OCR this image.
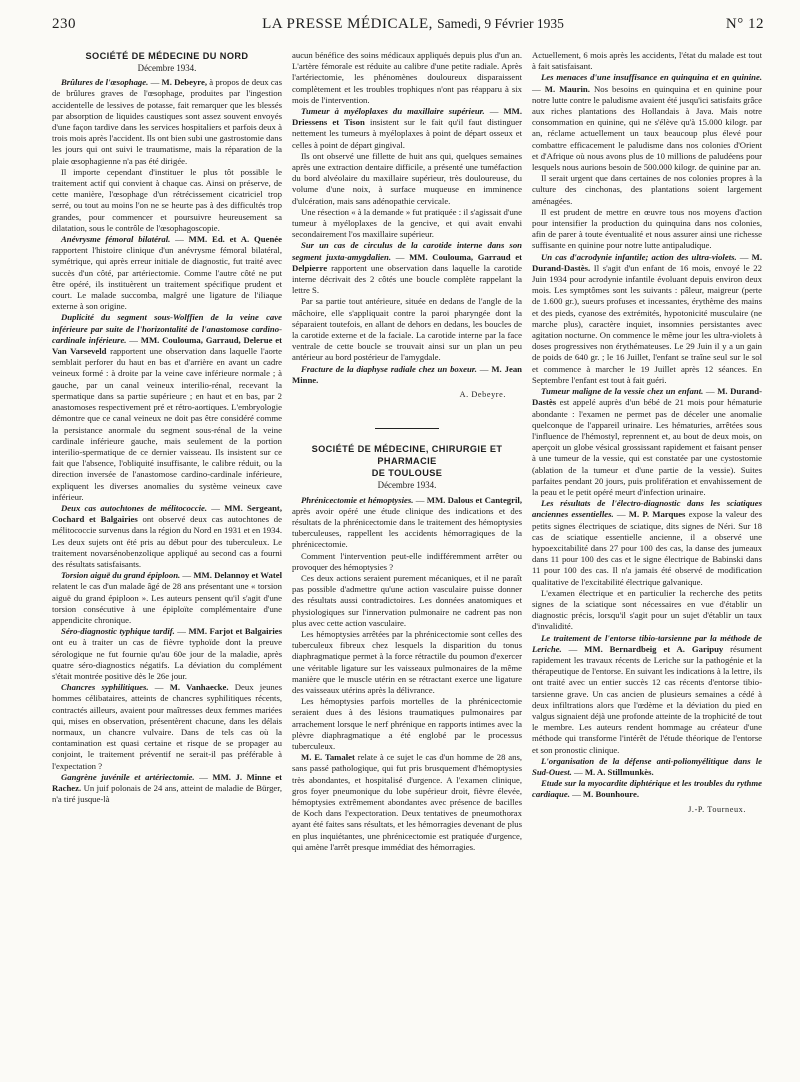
230	LA PRESSE MÉDICALE, Samedi, 9 Février 1935	N° 12
SOCIÉTÉ DE MÉDECINE DU NORD
Décembre 1934.

Brûlures de l'œsophage. — M. Debeyre, à propos de deux cas de brûlures graves de l'œsophage, produites par l'ingestion accidentelle de lessives de potasse, fait remarquer que les blessés par absorption de liquides caustiques sont assez souvent envoyés d'une façon tardive dans les services hospitaliers et parfois deux à trois mois après l'accident. Ils ont bien subi une gastrostomie dans les jours qui ont suivi le traumatisme, mais la réparation de la plaie œsophagienne n'a pas été dirigée.

Il importe cependant d'instituer le plus tôt possible le traitement actif qui convient à chaque cas. Ainsi on préserve, de cette manière, l'œsophage d'un rétrécissement cicatriciel trop serré, ou tout au moins l'on ne se heurte pas à des difficultés trop grandes, pour commencer et poursuivre heureusement sa dilatation, sous le contrôle de l'œsophagoscopie.

Anévrysme fémoral bilatéral. — MM. Ed. et A. Quenée rapportent l'histoire clinique d'un anévrysme fémoral bilatéral, symétrique, qui après erreur initiale de diagnostic, fut traité avec succès d'un côté, par artériectomie. Comme l'autre côté ne put être opéré, ils instituèrent un traitement spécifique prudent et court. Le malade succomba, malgré une ligature de l'iliaque externe à son origine.

Duplicité du segment sous-Wolffien de la veine cave inférieure par suite de l'horizontalité de l'anastomose cardino-cardinale inférieure. — MM. Coulouma, Garraud, Delerue et Van Varseveld rapportent une observation dans laquelle l'aorte semblait perforer du haut en bas et d'arrière en avant un cadre veineux formé : à droite par la veine cave inférieure normale ; à gauche, par un canal veineux interilio-rénal, recevant la spermatique dans sa partie supérieure ; en haut et en bas, par 2 anastomoses respectivement pré et rétro-aortiques. L'embryologie démontre que ce canal veineux ne doit pas être considéré comme la persistance anormale du segment sous-rénal de la veine cardinale inférieure gauche, mais seulement de la portion interilio-spermatique de ce dernier vaisseau. Ils insistent sur ce fait que l'absence, l'obliquité insuffisante, le calibre réduit, ou la direction inversée de l'anastomose cardino-cardinale inférieure, expliquent les diverses anomalies du système veineux cave inférieur.

Deux cas autochtones de mélitococcie. — MM. Sergeant, Cochard et Balgairies ont observé deux cas autochtones de mélitococcie survenus dans la région du Nord en 1931 et en 1934. Les deux sujets ont été pris au début pour des tuberculeux. Le traitement novarsénobenzolique appliqué au second cas a fourni des résultats satisfaisants.

Torsion aiguë du grand épiploon. — MM. Delannoy et Watel relatent le cas d'un malade âgé de 28 ans présentant une « torsion aiguë du grand épiploon ». Les auteurs pensent qu'il s'agit d'une torsion consécutive à une épiploïte complémentaire d'une appendicite chronique.

Séro-diagnostic typhique tardif. — MM. Farjot et Balgairies ont eu à traiter un cas de fièvre typhoïde dont la preuve sérologique ne fut fournie qu'au 60e jour de la maladie, après quatre séro-diagnostics négatifs. La déviation du complément s'était montrée positive dès le 26e jour.

Chancres syphilitiques. — M. Vanhaecke. Deux jeunes hommes célibataires, atteints de chancres syphilitiques récents, contractés ailleurs, avaient pour maîtresses deux femmes mariées qui, mises en observation, présentèrent chacune, dans les délais normaux, un chancre vulvaire. Dans de tels cas où la contamination est quasi certaine et risque de se propager au conjoint, le traitement préventif ne serait-il pas préférable à l'expectation ?

Gangrène juvénile et artériectomie. — MM. J. Minne et Rachez. Un juif polonais de 24 ans, atteint de maladie de Bürger, n'a tiré jusque-là

aucun bénéfice des soins médicaux appliqués depuis plus d'un an. L'artère fémorale est réduite au calibre d'une petite radiale. Après l'artériectomie, les phénomènes douloureux disparaissent complètement et les troubles trophiques n'ont pas réapparu à six mois de l'intervention.

Tumeur à myéloplaxes du maxillaire supérieur. — MM. Driessens et Tison insistent sur le fait qu'il faut distinguer nettement les tumeurs à myéloplaxes à point de départ osseux et celles à point de départ gingival.

Ils ont observé une fillette de huit ans qui, quelques semaines après une extraction dentaire difficile, a présenté une tuméfaction du bord alvéolaire du maxillaire supérieur, très douloureuse, du volume d'une noix, à surface muqueuse en imminence d'ulcération, mais sans adénopathie cervicale.

Une résection « à la demande » fut pratiquée : il s'agissait d'une tumeur à myéloplaxes de la gencive, et qui avait envahi secondairement l'os maxillaire supérieur.

Sur un cas de circulus de la carotide interne dans son segment juxta-amygdalien. — MM. Coulouma, Garraud et Delpierre rapportent une observation dans laquelle la carotide interne décrivait des 2 côtés une boucle complète rappelant la lettre S.

Par sa partie tout antérieure, située en dedans de l'angle de la mâchoire, elle s'appliquait contre la paroi pharyngée dont la séparaient toutefois, en allant de dehors en dedans, les boucles de la carotide externe et de la faciale. La carotide interne par la face ventrale de cette boucle se trouvait ainsi sur un plan un peu antérieur au bord postérieur de l'amygdale.

Fracture de la diaphyse radiale chez un boxeur. — M. Jean Minne.

A. Debeyre.
SOCIÉTÉ DE MÉDECINE, CHIRURGIE ET PHARMACIE
DE TOULOUSE
Décembre 1934.

Phrénicectomie et hémoptysies. — MM. Dalous et Cantegril, après avoir opéré une étude clinique des indications et des résultats de la phrénicectomie dans le traitement des hémoptysies tuberculeuses, rappellent les accidents hémorragiques de la phrénicectomie.

Comment l'intervention peut-elle indifféremment arrêter ou provoquer des hémoptysies ?

Ces deux actions seraient purement mécaniques, et il ne paraît pas possible d'admettre qu'une action vasculaire puisse donner des résultats aussi contradictoires. Les données anatomiques et physiologiques sur l'innervation pulmonaire ne cadrent pas non plus avec cette action vasculaire.

Les hémoptysies arrêtées par la phrénicectomie sont celles des tuberculeux fibreux chez lesquels la disparition du tonus diaphragmatique permet à la force rétractile du poumon d'exercer une véritable ligature sur les vaisseaux pulmonaires de la même manière que le muscle utérin en se rétractant exerce une ligature des vaisseaux utérins après la délivrance.

Les hémoptysies parfois mortelles de la phrénicectomie seraient dues à des lésions traumatiques pulmonaires par arrachement lorsque le nerf phrénique en rapports intimes avec la plèvre diaphragmatique a été englobé par le processus tuberculeux.

M. E. Tamalet relate à ce sujet le cas d'un homme de 28 ans, sans passé pathologique, qui fut pris brusquement d'hémoptysies très abondantes, et hospitalisé d'urgence. A l'examen clinique, gros foyer pneumonique du lobe supérieur droit, fièvre élevée, hémoptysies extrêmement abondantes avec présence de bacilles de Koch dans l'expectoration. Deux tentatives de pneumothorax ayant été faites sans résultats, et les hémorragies devenant de plus en plus inquiétantes, une phrénicectomie est pratiquée d'urgence, qui amène l'arrêt presque immédiat des hémorragies.

Actuellement, 6 mois après les accidents, l'état du malade est tout à fait satisfaisant.

Les menaces d'une insuffisance en quinquina et en quinine. — M. Maurin. Nos besoins en quinquina et en quinine pour notre lutte contre le paludisme avaient été jusqu'ici satisfaits grâce aux riches plantations des Hollandais à Java. Mais notre consommation en quinine, qui ne s'élève qu'à 15.000 kilogr. par an, réclame actuellement un taux beaucoup plus élevé pour combattre efficacement le paludisme dans nos colonies d'Orient et d'Afrique où nous avons plus de 10 millions de paludéens pour lesquels nous aurions besoin de 500.000 kilogr. de quinine par an.

Il serait urgent que dans certaines de nos colonies propres à la culture des cinchonas, des plantations soient largement aménagées.

Il est prudent de mettre en œuvre tous nos moyens d'action pour intensifier la production du quinquina dans nos colonies, afin de parer à toute éventualité et nous assurer ainsi une richesse suffisante en quinine pour notre lutte antipaludique.

Un cas d'acrodynie infantile; action des ultra-violets. — M. Durand-Dastès. Il s'agit d'un enfant de 16 mois, envoyé le 22 Juin 1934 pour acrodynie infantile évoluant depuis environ deux mois. Les symptômes sont les suivants : pâleur, maigreur (perte de 1.600 gr.), sueurs profuses et incessantes, érythème des mains et des pieds, cyanose des extrémités, hypotonicité musculaire (ne marche plus), caractère inquiet, insomnies persistantes avec agitation nocturne. On commence le même jour les ultra-violets à doses progressives non érythémateuses. Le 29 Juin il y a un gain de poids de 640 gr. ; le 16 Juillet, l'enfant se traîne seul sur le sol et commence à marcher le 19 Juillet après 12 séances. En Septembre l'enfant est tout à fait guéri.

Tumeur maligne de la vessie chez un enfant. — M. Durand-Dastès est appelé auprès d'un bébé de 21 mois pour hématurie abondante : l'examen ne permet pas de déceler une anomalie quelconque de l'appareil urinaire. Les hématuries, arrêtées sous l'influence de l'hémostyl, reprennent et, au bout de deux mois, on aperçoit un globe vésical grossissant rapidement et faisant penser à une tumeur de la vessie, qui est constatée par une cystostomie (ablation de la tumeur et d'une partie de la vessie). Suites parfaites pendant 20 jours, puis prolifération et envahissement de la peau et le petit opéré meurt d'infection urinaire.

Les résultats de l'électro-diagnostic dans les sciatiques anciennes essentielles. — M. P. Marques expose la valeur des petits signes électriques de sciatique, dits signes de Néri. Sur 18 cas de sciatique essentielle ancienne, il a observé une hypoexcitabilité dans 27 pour 100 des cas, la danse des jumeaux dans 11 pour 100 des cas et le signe électrique de Babinski dans 11 pour 100 des cas. Il n'a jamais été observé de modification qualitative de l'excitabilité électrique galvanique.

L'examen électrique et en particulier la recherche des petits signes de la sciatique sont nécessaires en vue d'établir un diagnostic précis, lorsqu'il s'agit pour un sujet d'établir un taux d'invalidité.

Le traitement de l'entorse tibio-tarsienne par la méthode de Leriche. — MM. Bernardbeig et A. Garipuy résument rapidement les travaux récents de Leriche sur la pathogénie et la thérapeutique de l'entorse. En suivant les indications à la lettre, ils ont traité avec un entier succès 12 cas récents d'entorse tibio-tarsienne grave. Un cas ancien de plusieurs semaines a cédé à deux infiltrations alors que l'œdème et la déviation du pied en valgus signaient déjà une profonde atteinte de la trophicité de tout le membre. Les auteurs rendent hommage au créateur d'une méthode qui transforme l'intérêt de l'étude théorique de l'entorse et son pronostic clinique.

L'organisation de la défense anti-poliomyélitique dans le Sud-Ouest. — M. A. Stillmunkès.

Etude sur la myocardite diphtérique et les troubles du rythme cardiaque. — M. Bounhoure.

J.-P. Tourneux.
